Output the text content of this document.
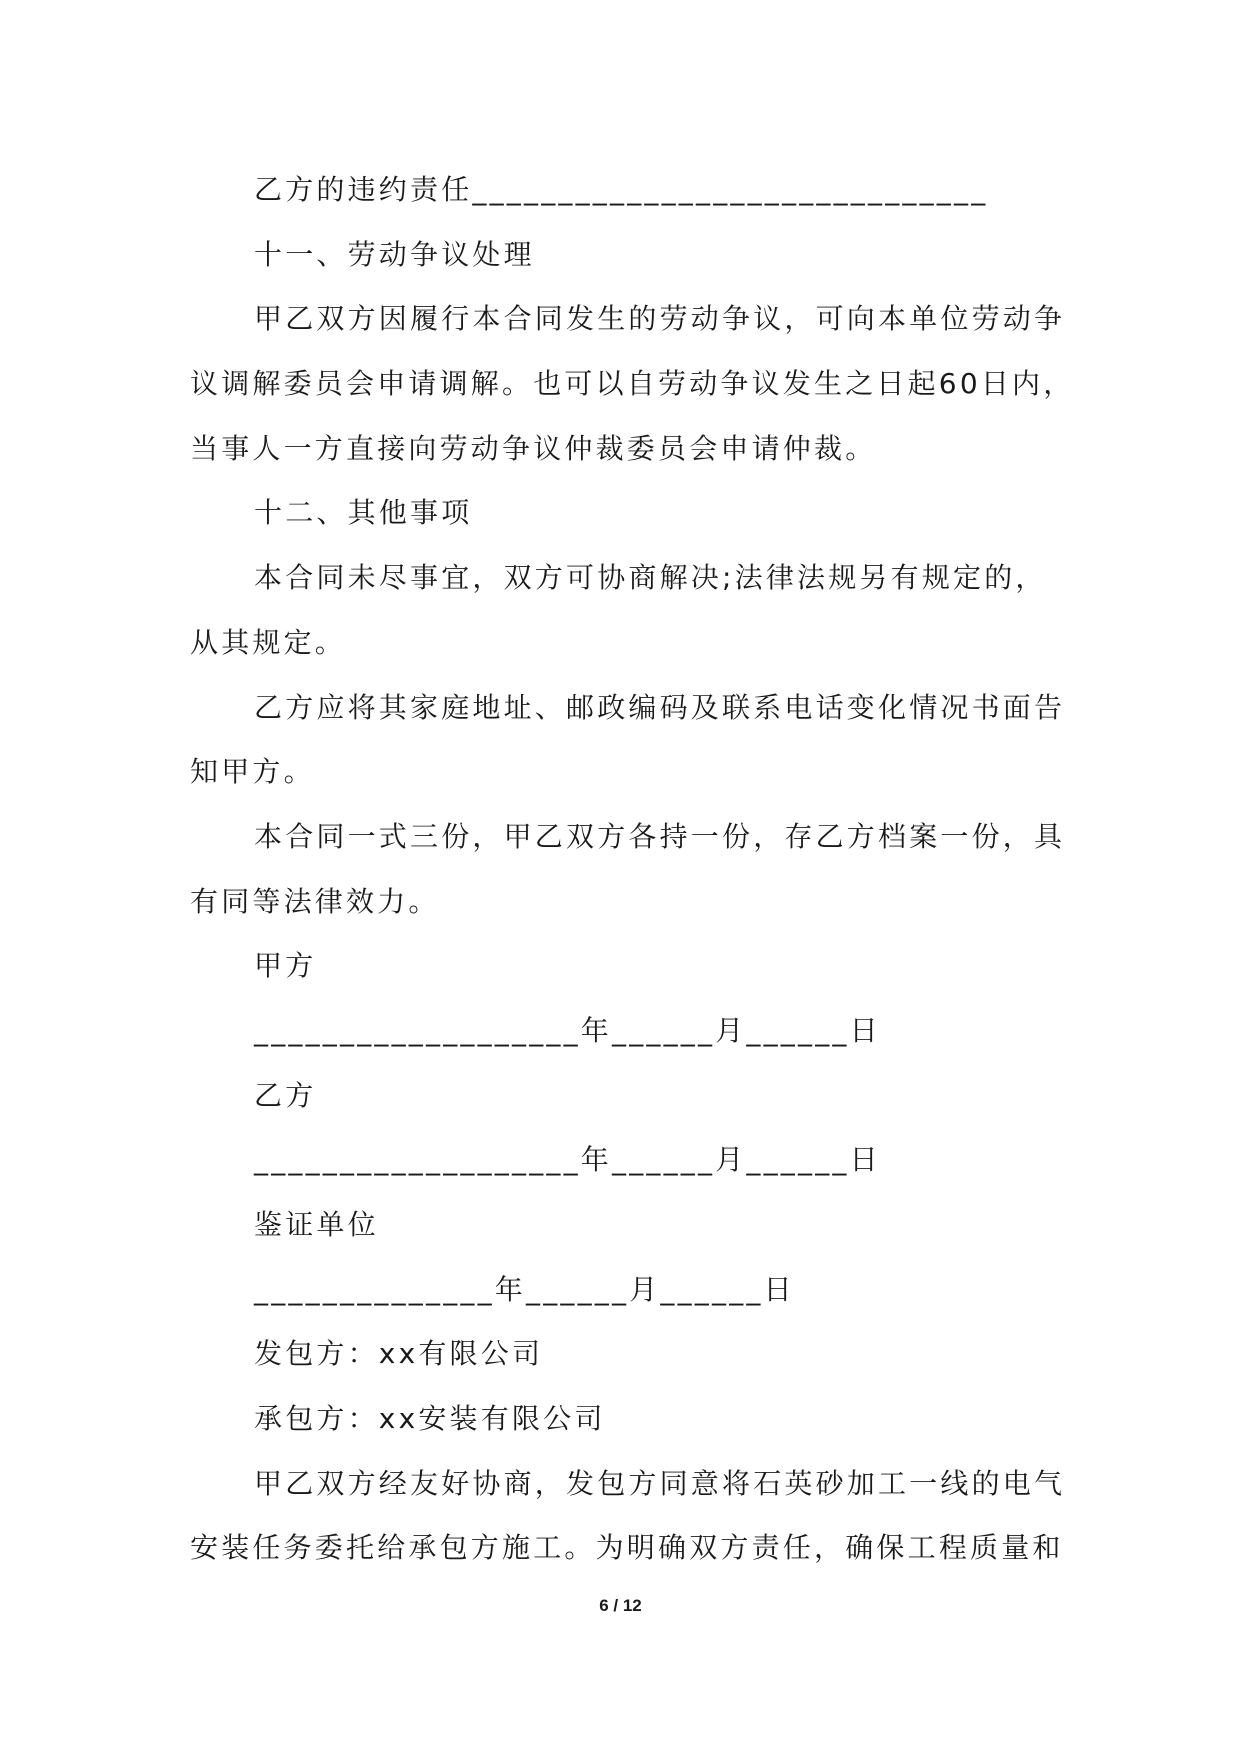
乙方的违约责任______________________________
十一、劳动争议处理
甲乙双方因履行本合同发生的劳动争议，可向本单位劳动争
议调解委员会申请调解。也可以自劳动争议发生之日起60日内，
当事人一方直接向劳动争议仲裁委员会申请仲裁。
十二、其他事项
本合同未尽事宜，双方可协商解决;法律法规另有规定的，
从其规定。
乙方应将其家庭地址、邮政编码及联系电话变化情况书面告
知甲方。
本合同一式三份，甲乙双方各持一份，存乙方档案一份，具
有同等法律效力。
甲方
___________________年______月______日
乙方
___________________年______月______日
鉴证单位
______________年______月______日
发包方：xx有限公司
承包方：xx安装有限公司
甲乙双方经友好协商，发包方同意将石英砂加工一线的电气
安装任务委托给承包方施工。为明确双方责任，确保工程质量和
6 / 12
